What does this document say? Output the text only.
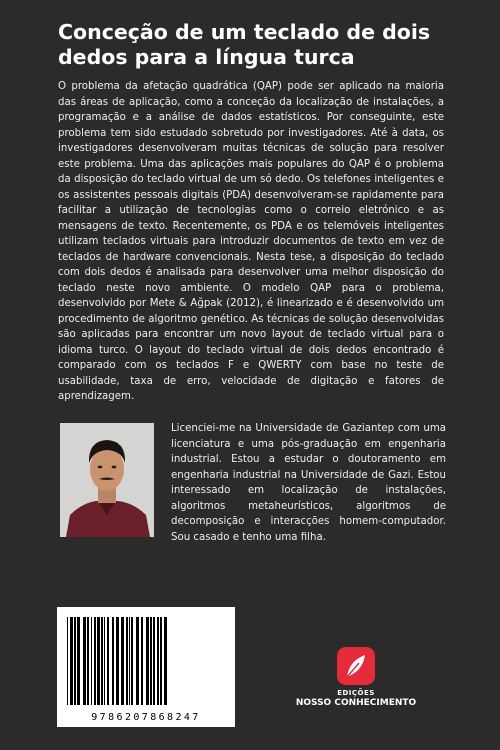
Conceção de um teclado de dois dedos para a língua turca

O problema da afetação quadrática (QAP) pode ser aplicado na maioria das áreas de aplicação, como a conceção da localização de instalações, a programação e a análise de dados estatísticos. Por conseguinte, este problema tem sido estudado sobretudo por investigadores. Até à data, os investigadores desenvolveram muitas técnicas de solução para resolver este problema. Uma das aplicações mais populares do QAP é o problema da disposição do teclado virtual de um só dedo. Os telefones inteligentes e os assistentes pessoais digitais (PDA) desenvolveram-se rapidamente para facilitar a utilização de tecnologias como o correio eletrónico e as mensagens de texto. Recentemente, os PDA e os telemóveis inteligentes utilizam teclados virtuais para introduzir documentos de texto em vez de teclados de hardware convencionais. Nesta tese, a disposição do teclado com dois dedos é analisada para desenvolver uma melhor disposição do teclado neste novo ambiente. O modelo QAP para o problema, desenvolvido por Mete & Ağpak (2012), é linearizado e é desenvolvido um procedimento de algoritmo genético. As técnicas de solução desenvolvidas são aplicadas para encontrar um novo layout de teclado virtual para o idioma turco. O layout do teclado virtual de dois dedos encontrado é comparado com os teclados F e QWERTY com base no teste de usabilidade, taxa de erro, velocidade de digitação e fatores de aprendizagem.

Licenciei-me na Universidade de Gaziantep com uma licenciatura e uma pós-graduação em engenharia industrial. Estou a estudar o doutoramento em engenharia industrial na Universidade de Gazi. Estou interessado em localização de instalações, algoritmos metaheurísticos, algoritmos de decomposição e interacções homem-computador. Sou casado e tenho uma filha.

9786207868247
EDIÇÕES
NOSSO CONHECIMENTO
